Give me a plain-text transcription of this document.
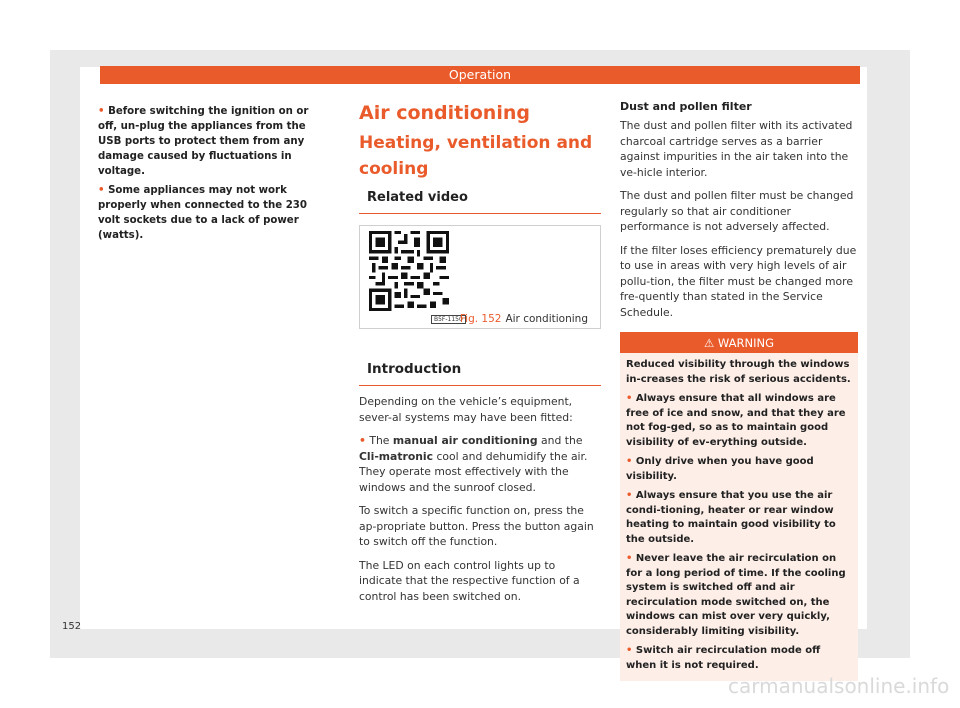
Operation

• Before switching the ignition on or off, un-plug the appliances from the USB ports to protect them from any damage caused by fluctuations in voltage.

• Some appliances may not work properly when connected to the 230 volt sockets due to a lack of power (watts).

Air conditioning

Heating, ventilation and cooling

Related video

B5F-1150
Fig. 152 Air conditioning

Introduction

Depending on the vehicle’s equipment, sever-al systems may have been fitted:

• The manual air conditioning and the Cli-matronic cool and dehumidify the air. They operate most effectively with the windows and the sunroof closed.

To switch a specific function on, press the ap-propriate button. Press the button again to switch off the function.

The LED on each control lights up to indicate that the respective function of a control has been switched on.

Dust and pollen filter

The dust and pollen filter with its activated charcoal cartridge serves as a barrier against impurities in the air taken into the ve-hicle interior.

The dust and pollen filter must be changed regularly so that air conditioner performance is not adversely affected.

If the filter loses efficiency prematurely due to use in areas with very high levels of air pollu-tion, the filter must be changed more fre-quently than stated in the Service Schedule.

⚠ WARNING

Reduced visibility through the windows in-creases the risk of serious accidents.

• Always ensure that all windows are free of ice and snow, and that they are not fog-ged, so as to maintain good visibility of ev-erything outside.

• Only drive when you have good visibility.

• Always ensure that you use the air condi-tioning, heater or rear window heating to maintain good visibility to the outside.

• Never leave the air recirculation on for a long period of time. If the cooling system is switched off and air recirculation mode switched on, the windows can mist over very quickly, considerably limiting visibility.

• Switch air recirculation mode off when it is not required.

152
carmanualsonline.info
